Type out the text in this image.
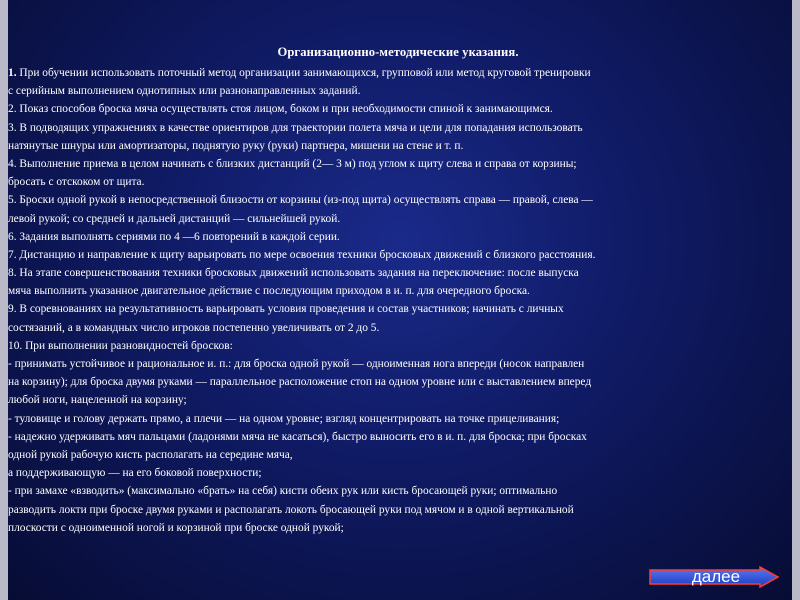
Организационно-методические указания.
1. При обучении использовать поточный метод организации занимающихся, групповой или метод круговой тренировки
с серийным выполнением однотипных или разнонаправленных заданий.
2. Показ способов броска мяча осуществлять стоя лицом, боком и при необходимости спиной к занимающимся.
3. В подводящих упражнениях в качестве ориентиров для траектории полета мяча и цели для попадания использовать
натянутые шнуры или амортизаторы, поднятую руку (руки) партнера, мишени на стене и т. п.
4. Выполнение приема в целом начинать с близких дистанций (2— 3 м) под углом к щиту слева и справа от корзины;
бросать с отскоком от щита.
5. Броски одной рукой в непосредственной близости от корзины (из-под щита) осуществлять справа — правой, слева —
левой рукой; со средней и дальней дистанций — сильнейшей рукой.
6. Задания выполнять сериями по 4 —6 повторений в каждой серии.
7. Дистанцию и направление к щиту варьировать по мере освоения техники бросковых движений с близкого расстояния.
8. На этапе совершенствования техники бросковых движений использовать задания на переключение: после выпуска
мяча выполнить указанное двигательное действие с последующим приходом в и. п. для очередного броска.
9. В соревнованиях на результативность варьировать условия проведения и состав участников; начинать с личных
состязаний, а в командных число игроков постепенно увеличивать от 2 до 5.
10. При выполнении разновидностей бросков:
- принимать устойчивое и рациональное и. п.: для броска одной рукой — одноименная нога впереди (носок направлен
на корзину); для броска двумя руками — параллельное расположение стоп на одном уровне или с выставлением вперед
любой ноги, нацеленной на корзину;
- туловище и голову держать прямо, а плечи — на одном уровне; взгляд концентрировать на точке прицеливания;
- надежно удерживать мяч пальцами (ладонями мяча не касаться), быстро выносить его в и. п. для броска; при бросках
одной рукой рабочую кисть располагать на середине мяча,
а поддерживающую — на его боковой поверхности;
- при замахе «взводить» (максимально «брать» на себя) кисти обеих рук или кисть бросающей руки; оптимально
разводить локти при броске двумя руками и располагать локоть бросающей руки под мячом и в одной вертикальной
плоскости с одноименной ногой и корзиной при броске одной рукой;
далее
